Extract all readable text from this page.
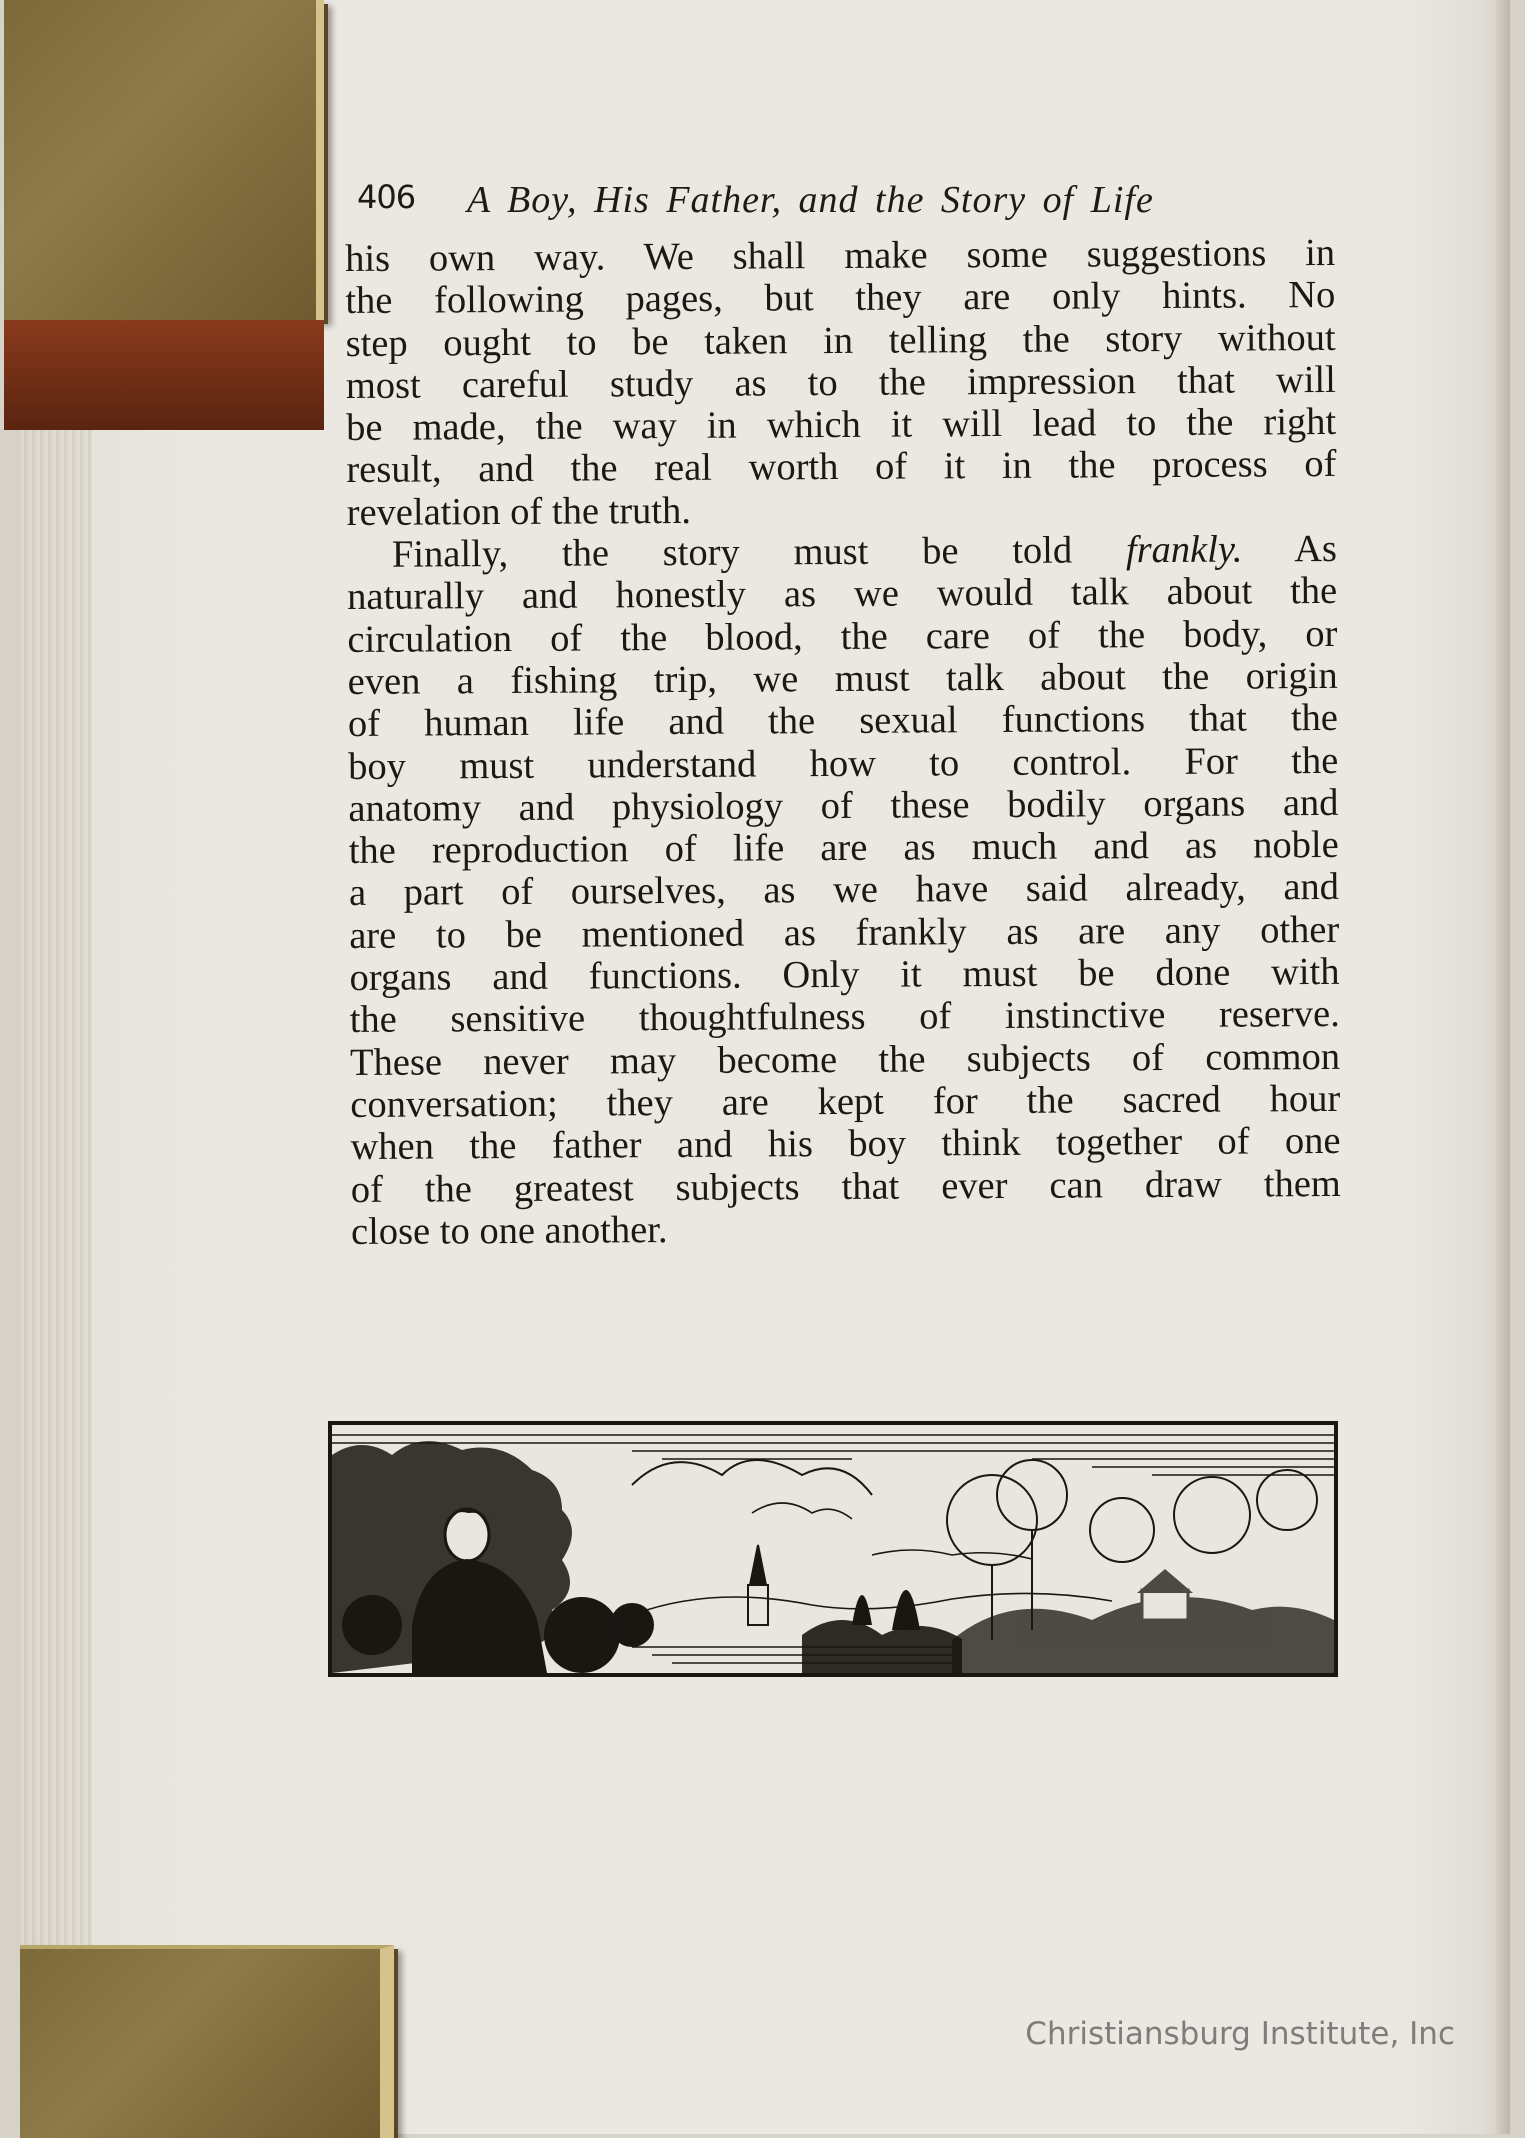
406 A Boy, His Father, and the Story of Life
his own way. We shall make some suggestions in
the following pages, but they are only hints. No
step ought to be taken in telling the story without
most careful study as to the impression that will
be made, the way in which it will lead to the right
result, and the real worth of it in the process of
revelation of the truth.
Finally, the story must be told frankly. As
naturally and honestly as we would talk about the
circulation of the blood, the care of the body, or
even a fishing trip, we must talk about the origin
of human life and the sexual functions that the
boy must understand how to control. For the
anatomy and physiology of these bodily organs and
the reproduction of life are as much and as noble
a part of ourselves, as we have said already, and
are to be mentioned as frankly as are any other
organs and functions. Only it must be done with
the sensitive thoughtfulness of instinctive reserve.
These never may become the subjects of common
conversation; they are kept for the sacred hour
when the father and his boy think together of one
of the greatest subjects that ever can draw them
close to one another.
Christiansburg Institute, Inc
